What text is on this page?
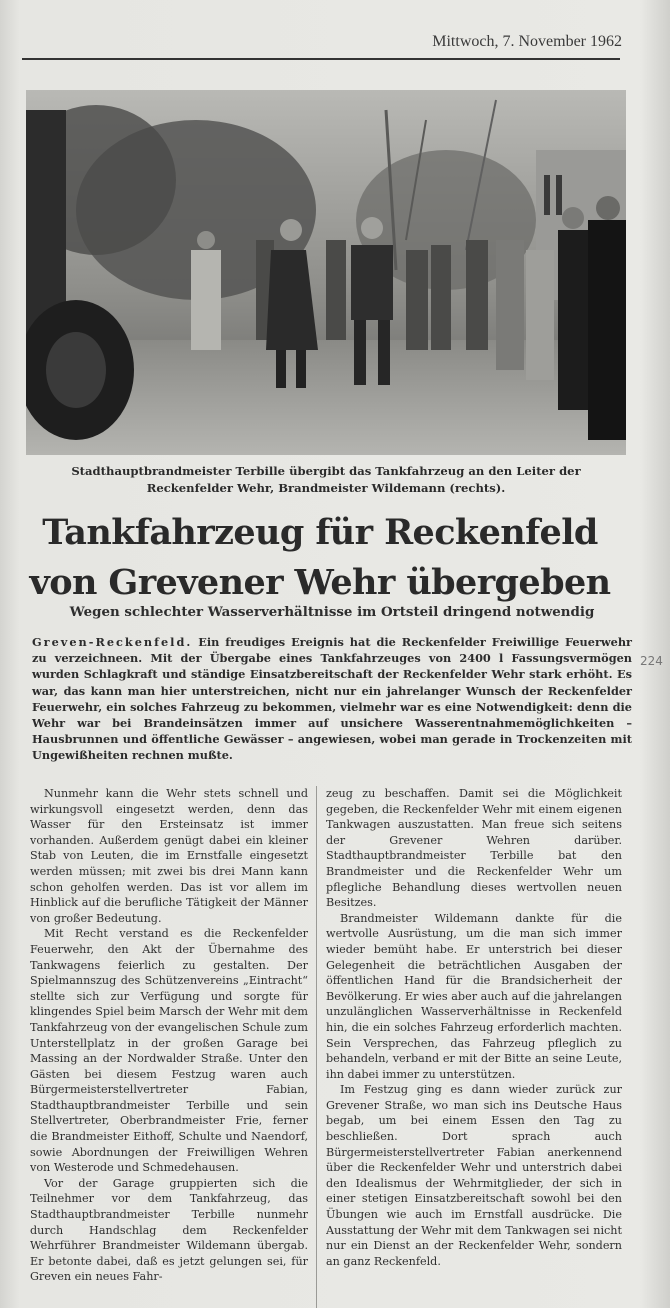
Mittwoch, 7. November 1962
Stadthauptbrandmeister Terbille übergibt das Tankfahrzeug an den Leiter der
Reckenfelder Wehr, Brandmeister Wildemann (rechts).
Tankfahrzeug für Reckenfeld
von Grevener Wehr übergeben
Wegen schlechter Wasserverhältnisse im Ortsteil dringend notwendig

Greven-Reckenfeld. Ein freudiges Ereignis hat die Reckenfelder Freiwillige Feuerwehr zu verzeichneen. Mit der Übergabe eines Tankfahrzeuges von 2400 l Fassungsvermögen wurden Schlagkraft und ständige Einsatzbereitschaft der Reckenfelder Wehr stark erhöht. Es war, das kann man hier unterstreichen, nicht nur ein jahrelanger Wunsch der Reckenfelder Feuerwehr, ein solches Fahrzeug zu bekommen, vielmehr war es eine Notwendigkeit: denn die Wehr war bei Brandeinsätzen immer auf unsichere Wasserentnahmemöglichkeiten – Hausbrunnen und öffentliche Gewässer – angewiesen, wobei man gerade in Trockenzeiten mit Ungewißheiten rechnen mußte.

224

Nunmehr kann die Wehr stets schnell und wirkungsvoll eingesetzt werden, denn das Wasser für den Ersteinsatz ist immer vorhanden. Außerdem genügt dabei ein kleiner Stab von Leuten, die im Ernstfalle eingesetzt werden müssen; mit zwei bis drei Mann kann schon geholfen werden. Das ist vor allem im Hinblick auf die berufliche Tätigkeit der Männer von großer Bedeutung.

Mit Recht verstand es die Reckenfelder Feuerwehr, den Akt der Übernahme des Tankwagens feierlich zu gestalten. Der Spielmannszug des Schützenvereins „Eintracht“ stellte sich zur Verfügung und sorgte für klingendes Spiel beim Marsch der Wehr mit dem Tankfahrzeug von der evangelischen Schule zum Unterstellplatz in der großen Garage bei Massing an der Nordwalder Straße. Unter den Gästen bei diesem Festzug waren auch Bürgermeisterstellvertreter Fabian, Stadthauptbrandmeister Terbille und sein Stellvertreter, Oberbrandmeister Frie, ferner die Brandmeister Eithoff, Schulte und Naendorf, sowie Abordnungen der Freiwilligen Wehren von Westerode und Schmedehausen.

Vor der Garage gruppierten sich die Teilnehmer vor dem Tankfahrzeug, das Stadthauptbrandmeister Terbille nunmehr durch Handschlag dem Reckenfelder Wehrführer Brandmeister Wildemann übergab. Er betonte dabei, daß es jetzt gelungen sei, für Greven ein neues Fahr-

zeug zu beschaffen. Damit sei die Möglichkeit gegeben, die Reckenfelder Wehr mit einem eigenen Tankwagen auszustatten. Man freue sich seitens der Grevener Wehren darüber. Stadthauptbrandmeister Terbille bat den Brandmeister und die Reckenfelder Wehr um pflegliche Behandlung dieses wertvollen neuen Besitzes.

Brandmeister Wildemann dankte für die wertvolle Ausrüstung, um die man sich immer wieder bemüht habe. Er unterstrich bei dieser Gelegenheit die beträchtlichen Ausgaben der öffentlichen Hand für die Brandsicherheit der Bevölkerung. Er wies aber auch auf die jahrelangen unzulänglichen Wasserverhältnisse in Reckenfeld hin, die ein solches Fahrzeug erforderlich machten. Sein Versprechen, das Fahrzeug pfleglich zu behandeln, verband er mit der Bitte an seine Leute, ihn dabei immer zu unterstützen.

Im Festzug ging es dann wieder zurück zur Grevener Straße, wo man sich ins Deutsche Haus begab, um bei einem Essen den Tag zu beschließen. Dort sprach auch Bürgermeisterstellvertreter Fabian anerkennend über die Reckenfelder Wehr und unterstrich dabei den Idealismus der Wehrmitglieder, der sich in einer stetigen Einsatzbereitschaft sowohl bei den Übungen wie auch im Ernstfall ausdrücke. Die Ausstattung der Wehr mit dem Tankwagen sei nicht nur ein Dienst an der Reckenfelder Wehr, sondern an ganz Reckenfeld.
